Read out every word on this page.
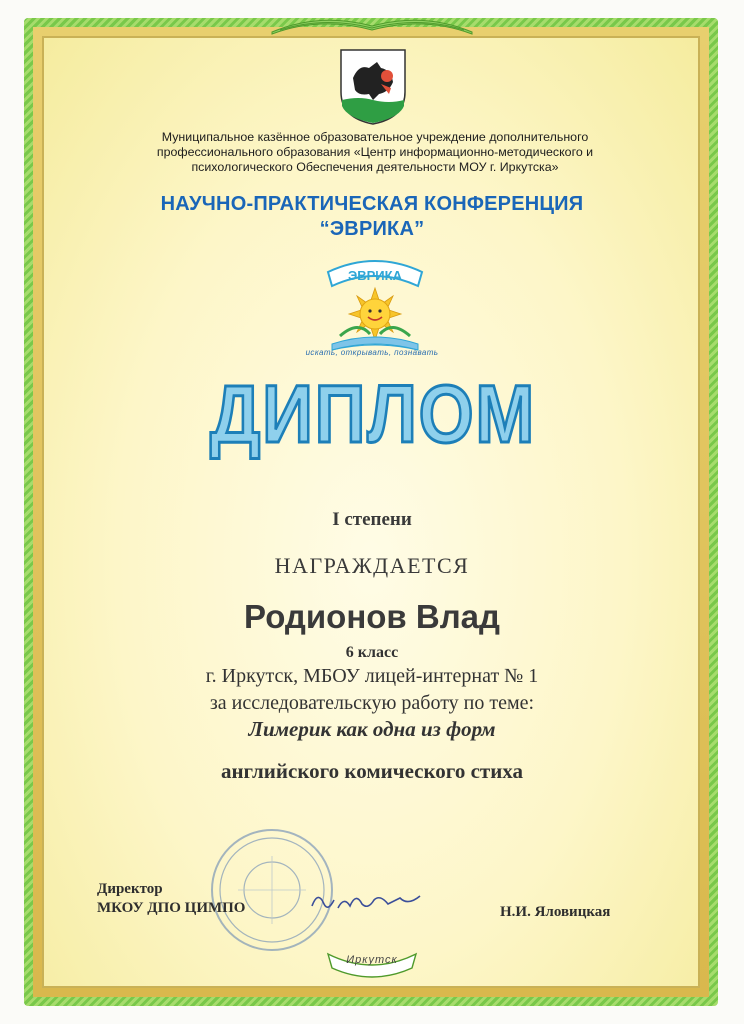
Муниципальное казённое образовательное учреждение дополнительного профессионального образования «Центр информационно-методического и психологического Обеспечения деятельности МОУ г. Иркутска»
НАУЧНО-ПРАКТИЧЕСКАЯ КОНФЕРЕНЦИЯ
“ЭВРИКА”
ЭВРИКА
искать, открывать, познавать
ДИПЛОМ
I степени
НАГРАЖДАЕТСЯ
Родионов Влад
6 класс
г. Иркутск, МБОУ лицей-интернат № 1
за исследовательскую работу по теме:
Лимерик как одна из форм
английского комического стиха
Директор
МКОУ ДПО ЦИМПО	Н.И. Яловицкая
Иркутск
